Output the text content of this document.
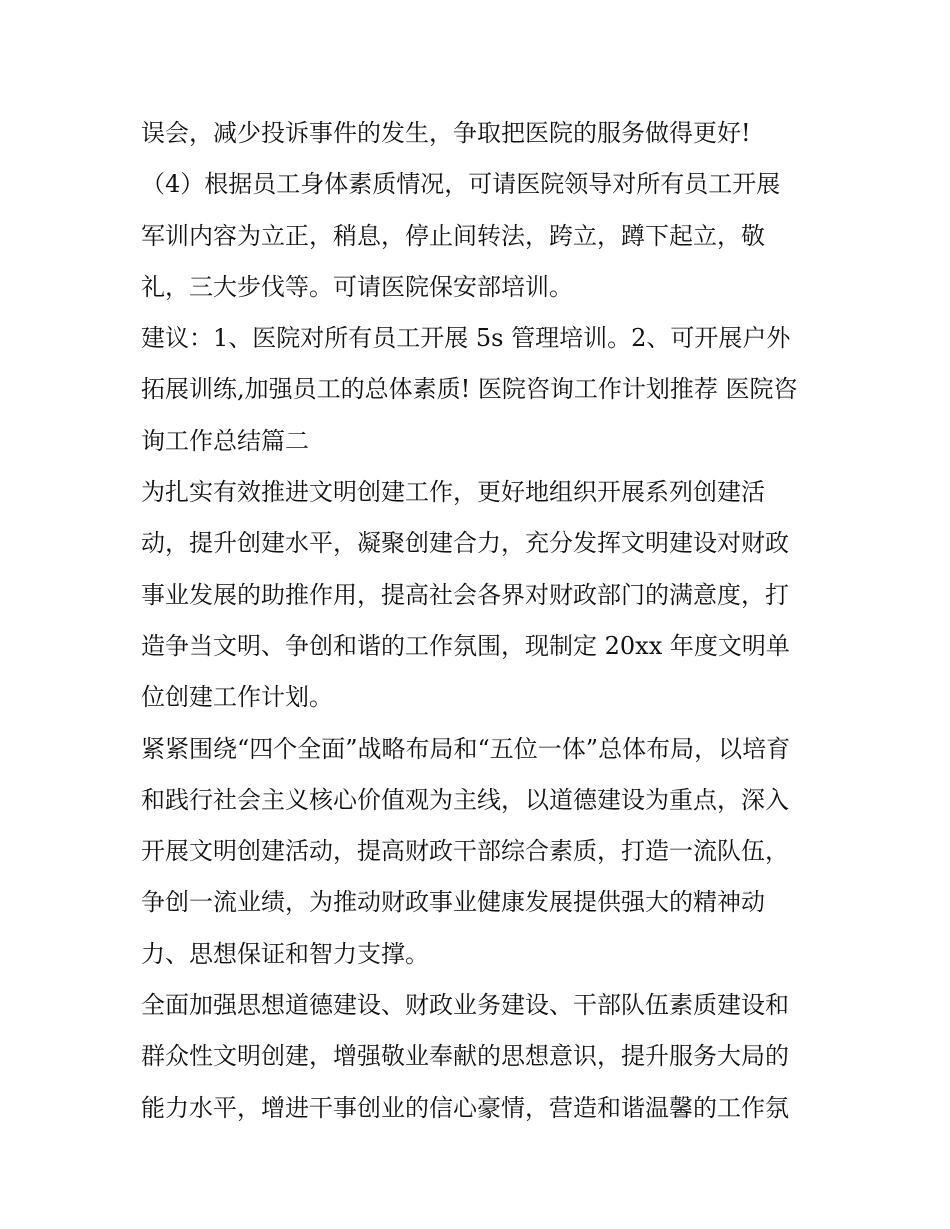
误会，减少投诉事件的发生，争取把医院的服务做得更好!
（4）根据员工身体素质情况，可请医院领导对所有员工开展
军训内容为立正，稍息，停止间转法，跨立，蹲下起立，敬
礼，三大步伐等。可请医院保安部培训。
建议：1、医院对所有员工开展 5s 管理培训。2、可开展户外
拓展训练,加强员工的总体素质! 医院咨询工作计划推荐 医院咨
询工作总结篇二
为扎实有效推进文明创建工作，更好地组织开展系列创建活
动，提升创建水平，凝聚创建合力，充分发挥文明建设对财政
事业发展的助推作用，提高社会各界对财政部门的满意度，打
造争当文明、争创和谐的工作氛围，现制定 20xx 年度文明单
位创建工作计划。
紧紧围绕“四个全面”战略布局和“五位一体”总体布局，以培育
和践行社会主义核心价值观为主线，以道德建设为重点，深入
开展文明创建活动，提高财政干部综合素质，打造一流队伍，
争创一流业绩，为推动财政事业健康发展提供强大的精神动
力、思想保证和智力支撑。
全面加强思想道德建设、财政业务建设、干部队伍素质建设和
群众性文明创建，增强敬业奉献的思想意识，提升服务大局的
能力水平，增进干事创业的信心豪情，营造和谐温馨的工作氛
